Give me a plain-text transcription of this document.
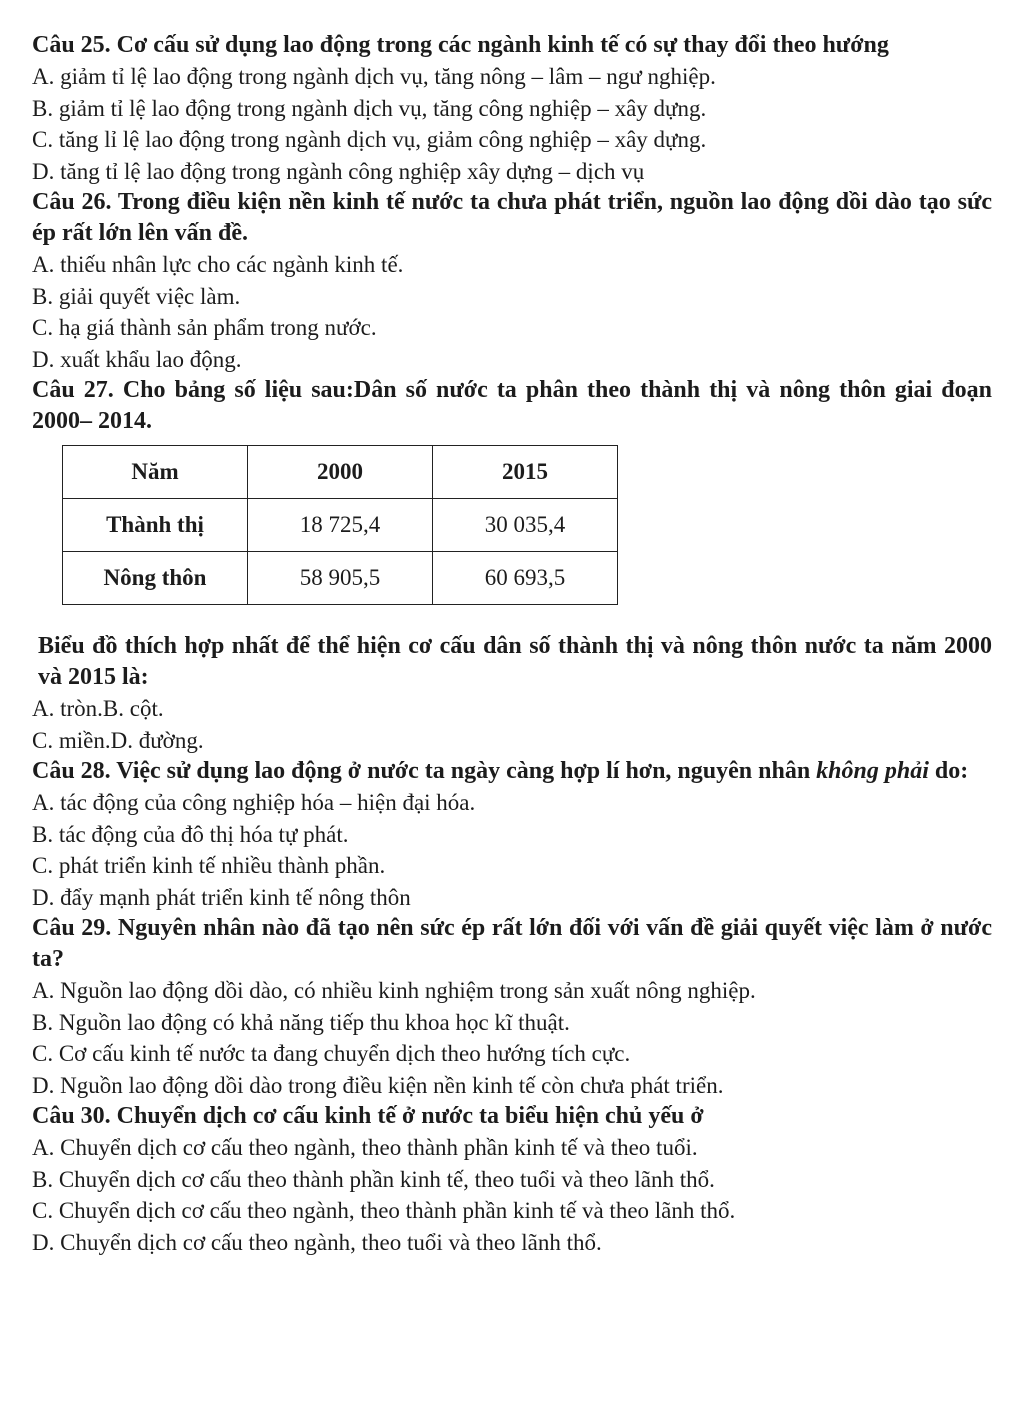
Câu 25. Cơ cấu sử dụng lao động trong các ngành kinh tế có sự thay đổi theo hướng

A. giảm tỉ lệ lao động trong ngành dịch vụ, tăng nông – lâm – ngư nghiệp.

B. giảm tỉ lệ lao động trong ngành dịch vụ, tăng công nghiệp – xây dựng.

C. tăng lỉ lệ lao động trong ngành dịch vụ, giảm công nghiệp – xây dựng.

D. tăng tỉ lệ lao động trong ngành công nghiệp xây dựng – dịch vụ

Câu 26. Trong điều kiện nền kinh tế nước ta chưa phát triển, nguồn lao động dồi dào tạo sức ép rất lớn lên vấn đề.

A. thiếu nhân lực cho các ngành kinh tế.

B. giải quyết việc làm.

C. hạ giá thành sản phẩm trong nước.

D. xuất khẩu lao động.

Câu 27. Cho bảng số liệu sau:Dân số nước ta phân theo thành thị và nông thôn giai đoạn 2000– 2014.

Năm	2000	2015
Thành thị	18 725,4	30 035,4
Nông thôn	58 905,5	60 693,5

Biểu đồ thích hợp nhất để thể hiện cơ cấu dân số thành thị và nông thôn nước ta năm 2000 và 2015 là:

A. tròn.B. cột.

C. miền.D. đường.

Câu 28. Việc sử dụng lao động ở nước ta ngày càng hợp lí hơn, nguyên nhân không phải do:

A. tác động của công nghiệp hóa – hiện đại hóa.

B. tác động của đô thị hóa tự phát.

C. phát triển kinh tế nhiều thành phần.

D. đẩy mạnh phát triển kinh tế nông thôn

Câu 29. Nguyên nhân nào đã tạo nên sức ép rất lớn đối với vấn đề giải quyết việc làm ở nước ta?

A. Nguồn lao động dồi dào, có nhiều kinh nghiệm trong sản xuất nông nghiệp.

B. Nguồn lao động có khả năng tiếp thu khoa học kĩ thuật.

C. Cơ cấu kinh tế nước ta đang chuyển dịch theo hướng tích cực.

D. Nguồn lao động dồi dào trong điều kiện nền kinh tế còn chưa phát triển.

Câu 30. Chuyển dịch cơ cấu kinh tế ở nước ta biểu hiện chủ yếu ở

A. Chuyển dịch cơ cấu theo ngành, theo thành phần kinh tế và theo tuổi.

B. Chuyển dịch cơ cấu theo thành phần kinh tế, theo tuổi và theo lãnh thổ.

C. Chuyển dịch cơ cấu theo ngành, theo thành phần kinh tế và theo lãnh thổ.

D. Chuyển dịch cơ cấu theo ngành, theo tuổi và theo lãnh thổ.
